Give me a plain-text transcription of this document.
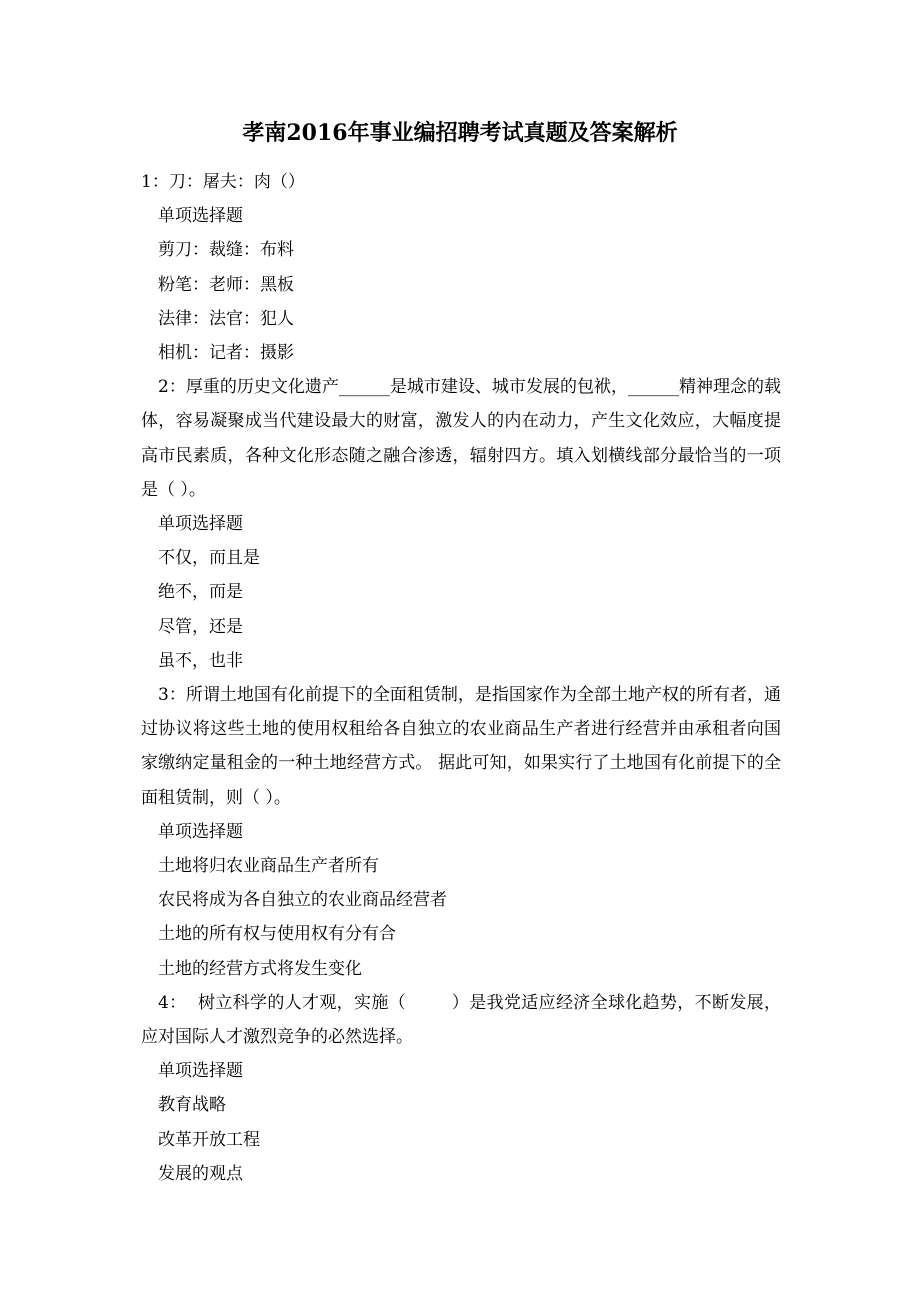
孝南2016年事业编招聘考试真题及答案解析
1：刀：屠夫：肉（）
单项选择题
剪刀：裁缝：布料
粉笔：老师：黑板
法律：法官：犯人
相机：记者：摄影
2：厚重的历史文化遗产______是城市建设、城市发展的包袱，______精神理念的载体，容易凝聚成当代建设最大的财富，激发人的内在动力，产生文化效应，大幅度提高市民素质，各种文化形态随之融合渗透，辐射四方。填入划横线部分最恰当的一项是（ ）。
单项选择题
不仅，而且是
绝不，而是
尽管，还是
虽不，也非
3：所谓土地国有化前提下的全面租赁制，是指国家作为全部土地产权的所有者，通过协议将这些土地的使用权租给各自独立的农业商品生产者进行经营并由承租者向国家缴纳定量租金的一种土地经营方式。 据此可知，如果实行了土地国有化前提下的全面租赁制，则（ ）。
单项选择题
土地将归农业商品生产者所有
农民将成为各自独立的农业商品经营者
土地的所有权与使用权有分有合
土地的经营方式将发生变化
4：  树立科学的人才观，实施（        ）是我党适应经济全球化趋势，不断发展，应对国际人才激烈竞争的必然选择。
单项选择题
教育战略
改革开放工程
发展的观点
